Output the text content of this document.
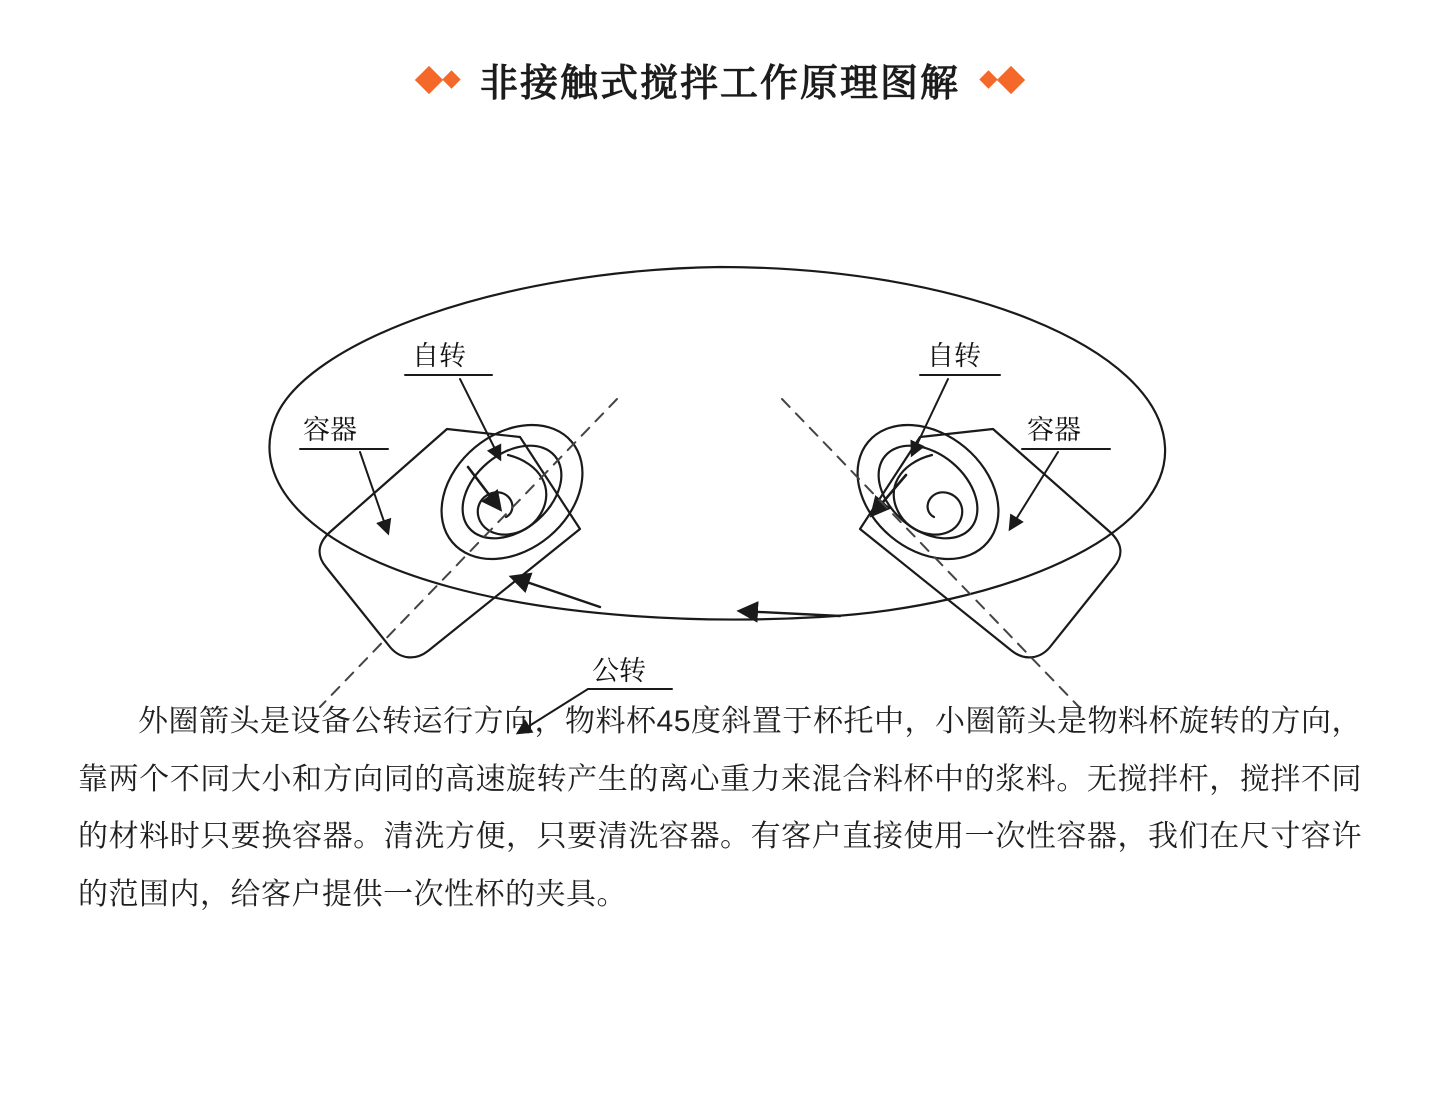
非接触式搅拌工作原理图解
自转	自转
容器	容器
公转

外圈箭头是设备公转运行方向，物料杯45度斜置于杯托中，小圈箭头是物料杯旋转的方向，靠两个不同大小和方向同的高速旋转产生的离心重力来混合料杯中的浆料。无搅拌杆，搅拌不同的材料时只要换容器。清洗方便，只要清洗容器。有客户直接使用一次性容器，我们在尺寸容许的范围内，给客户提供一次性杯的夹具。
